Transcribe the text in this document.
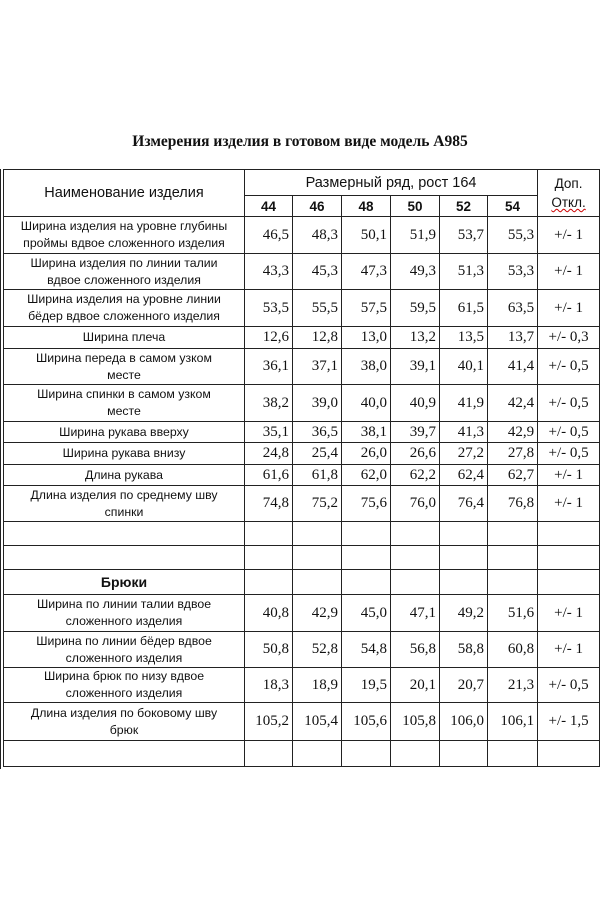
Измерения изделия в готовом виде модель А985
Наименование изделия	Размерный ряд, рост 164						Доп.
Откл.

	44	46	48	50	52	54	

Ширина изделия на уровне глубины
проймы вдвое сложенного изделия	46,5	48,3	50,1	51,9	53,7	55,3	+/- 1

Ширина изделия по линии талии
вдвое сложенного изделия	43,3	45,3	47,3	49,3	51,3	53,3	+/- 1

Ширина изделия на уровне линии
бёдер вдвое сложенного изделия	53,5	55,5	57,5	59,5	61,5	63,5	+/- 1

Ширина плеча	12,6	12,8	13,0	13,2	13,5	13,7	+/- 0,3

Ширина переда в самом узком
месте	36,1	37,1	38,0	39,1	40,1	41,4	+/- 0,5

Ширина спинки в самом узком
месте	38,2	39,0	40,0	40,9	41,9	42,4	+/- 0,5

Ширина рукава вверху	35,1	36,5	38,1	39,7	41,3	42,9	+/- 0,5

Ширина рукава внизу	24,8	25,4	26,0	26,6	27,2	27,8	+/- 0,5

Длина рукава	61,6	61,8	62,0	62,2	62,4	62,7	+/- 1

Длина изделия по среднему шву
спинки	74,8	75,2	75,6	76,0	76,4	76,8	+/- 1

Брюки							

Ширина по линии талии вдвое
сложенного изделия	40,8	42,9	45,0	47,1	49,2	51,6	+/- 1

Ширина по линии бёдер вдвое
сложенного изделия	50,8	52,8	54,8	56,8	58,8	60,8	+/- 1

Ширина брюк по низу вдвое
сложенного изделия	18,3	18,9	19,5	20,1	20,7	21,3	+/- 0,5

Длина изделия по боковому шву
брюк	105,2	105,4	105,6	105,8	106,0	106,1	+/- 1,5
